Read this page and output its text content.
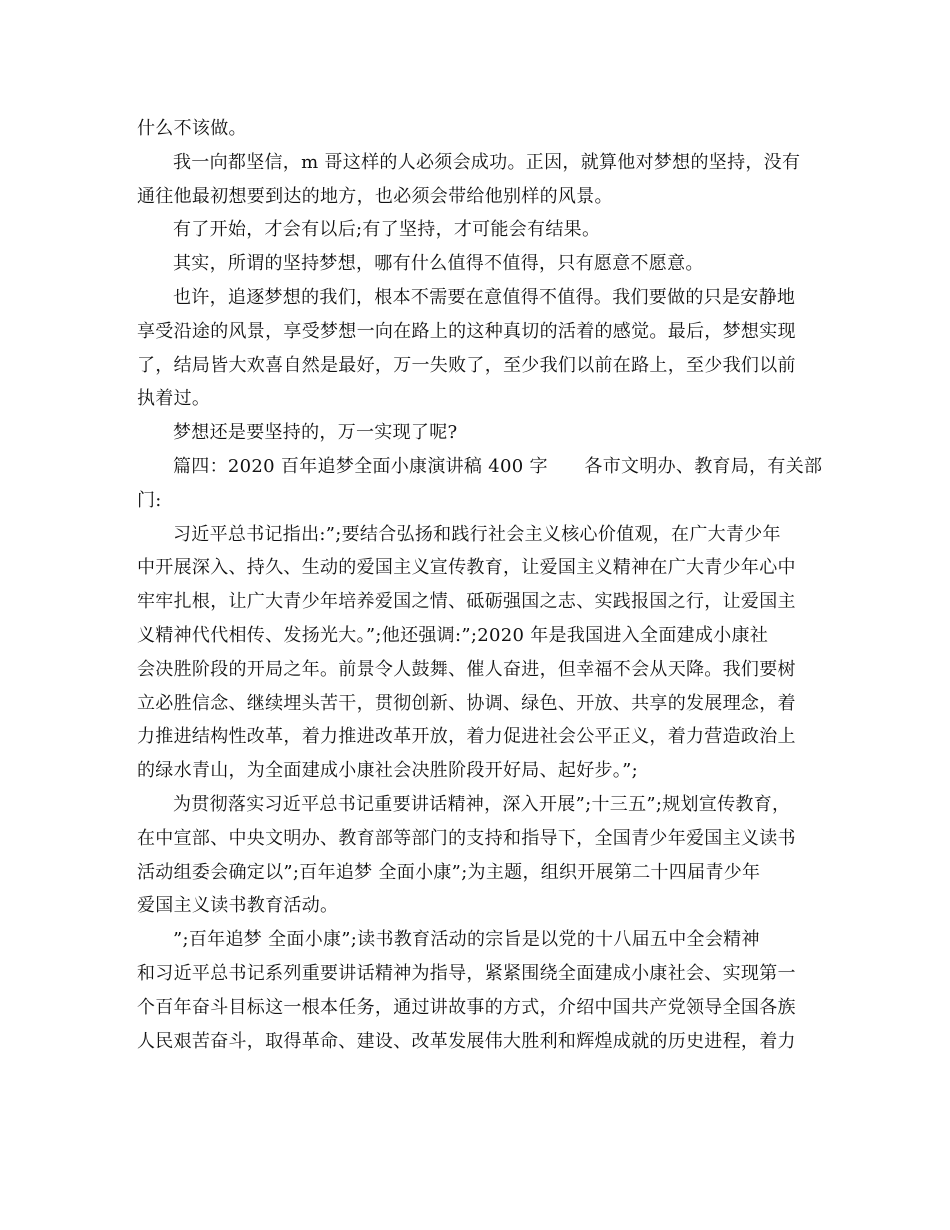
什么不该做。

我一向都坚信，m 哥这样的人必须会成功。正因，就算他对梦想的坚持，没有

通往他最初想要到达的地方，也必须会带给他别样的风景。

有了开始，才会有以后;有了坚持，才可能会有结果。

其实，所谓的坚持梦想，哪有什么值得不值得，只有愿意不愿意。

也许，追逐梦想的我们，根本不需要在意值得不值得。我们要做的只是安静地

享受沿途的风景，享受梦想一向在路上的这种真切的活着的感觉。最后，梦想实现

了，结局皆大欢喜自然是最好，万一失败了，至少我们以前在路上，至少我们以前

执着过。

梦想还是要坚持的，万一实现了呢?

篇四：2020 百年追梦全面小康演讲稿 400 字　　各市文明办、教育局，有关部

门:

习近平总书记指出:”;要结合弘扬和践行社会主义核心价值观，在广大青少年

中开展深入、持久、生动的爱国主义宣传教育，让爱国主义精神在广大青少年心中

牢牢扎根，让广大青少年培养爱国之情、砥砺强国之志、实践报国之行，让爱国主

义精神代代相传、发扬光大。”;他还强调:”;2020 年是我国进入全面建成小康社

会决胜阶段的开局之年。前景令人鼓舞、催人奋进，但幸福不会从天降。我们要树

立必胜信念、继续埋头苦干，贯彻创新、协调、绿色、开放、共享的发展理念，着

力推进结构性改革，着力推进改革开放，着力促进社会公平正义，着力营造政治上

的绿水青山，为全面建成小康社会决胜阶段开好局、起好步。”;

为贯彻落实习近平总书记重要讲话精神，深入开展”;十三五”;规划宣传教育，

在中宣部、中央文明办、教育部等部门的支持和指导下，全国青少年爱国主义读书

活动组委会确定以”;百年追梦 全面小康”;为主题，组织开展第二十四届青少年

爱国主义读书教育活动。

”;百年追梦 全面小康”;读书教育活动的宗旨是以党的十八届五中全会精神

和习近平总书记系列重要讲话精神为指导，紧紧围绕全面建成小康社会、实现第一

个百年奋斗目标这一根本任务，通过讲故事的方式，介绍中国共产党领导全国各族

人民艰苦奋斗，取得革命、建设、改革发展伟大胜利和辉煌成就的历史进程，着力
